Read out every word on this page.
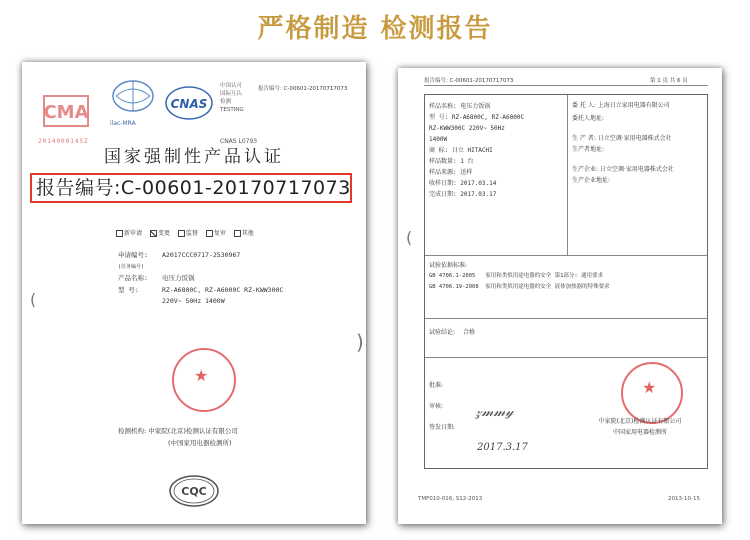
严格制造 检测报告
CMA
2014000145Z
ilac-MRA
CNAS
中国认可
国际互认
检测
TESTING
CNAS L0793
报告编号: C-00601-20170717073
国家强制性产品认证
报告编号:C-00601-20170717073
(
新申请	变更	监督	复审	其他
申请编号: A2017CCC0717-2530967
(任务编号)
产品名称: 电压力饭锅
型 号:	RZ-A6800C, RZ-A6000C RZ-KWW300C
220V~ 50Hz 1400W
)
★
检测机构: 中家院(北京)检测认证有限公司
(中国家用电器检测所)
CQC
报告编号: C-00601-20170717073	第 1 页 共 6 页
样品名称: 电压力饭锅
型 号: RZ-A6800C, RZ-A6000C
RZ-KWW300C 220V~ 50Hz
1400W
商 标: 日立 HITACHI
样品数量: 1 台
样品来源: 送样
收样日期: 2017.03.14
完成日期: 2017.03.17
委 托 人: 上海日立家用电器有限公司
委托人地址:
生 产 者: 日立空调·家用电器株式会社
生产者地址:
生产企业: 日立空调·家用电器株式会社
生产企业地址:
试验依据标准:
GB 4706.1-2005 家用和类似用途电器的安全 第1部分: 通用要求
GB 4706.19-2008 家用和类似用途电器的安全 液体加热器的特殊要求
试验结论: 合格
批准:
审核:
签发日期:
𝓏𝓂𝓂𝓎
2017.3.17
★
中家院(北京)检测认证有限公司
中国家用电器检测所
TMF010-016, S12-2013	2013-10-15
(
